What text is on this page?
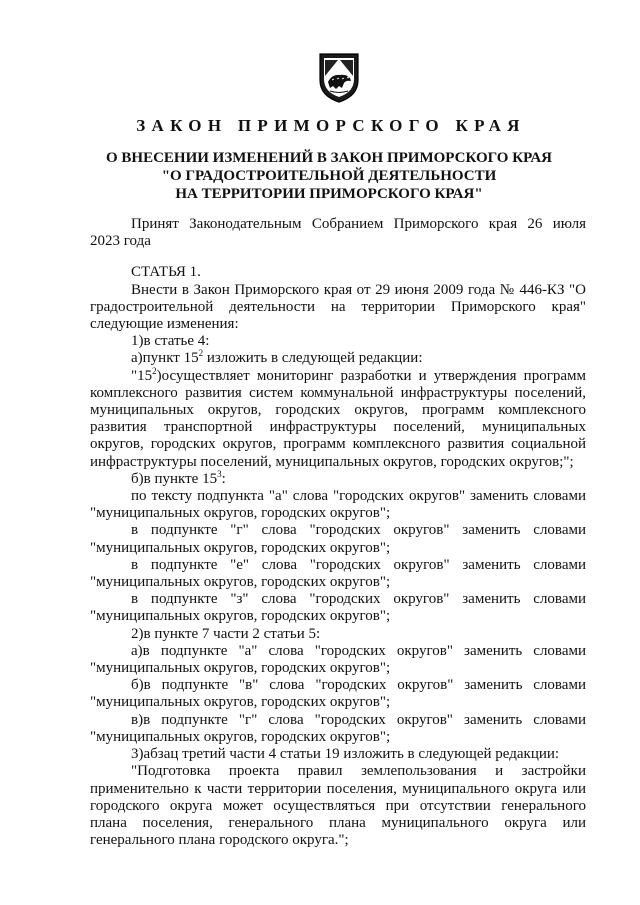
ЗАКОН ПРИМОРСКОГО КРАЯ
О ВНЕСЕНИИ ИЗМЕНЕНИЙ В ЗАКОН ПРИМОРСКОГО КРАЯ
"О ГРАДОСТРОИТЕЛЬНОЙ ДЕЯТЕЛЬНОСТИ
НА ТЕРРИТОРИИ ПРИМОРСКОГО КРАЯ"
Принят Законодательным Собранием Приморского края 26 июля
2023 года
СТАТЬЯ 1.
Внести в Закон Приморского края от 29 июня 2009 года № 446-КЗ "О градостроительной деятельности на территории Приморского края" следующие изменения:
1)в статье 4:
а)пункт $15^2$ изложить в следующей редакции:
"$15^2)осуществляет$ мониторинг разработки и утверждения программ комплексного развития систем коммунальной инфраструктуры поселений, муниципальных округов, городских округов, программ комплексного развития транспортной инфраструктуры поселений, муниципальных округов, городских округов, программ комплексного развития социальной инфраструктуры поселений, муниципальных округов, городских округов;";
б)в пункте $15^3$:
по тексту подпункта "а" слова "городских округов" заменить словами "муниципальных округов, городских округов";
в подпункте "г" слова "городских округов" заменить словами "муниципальных округов, городских округов";
в подпункте "е" слова "городских округов" заменить словами "муниципальных округов, городских округов";
в подпункте "з" слова "городских округов" заменить словами "муниципальных округов, городских округов";
2)в пункте 7 части 2 статьи 5:
а)в подпункте "а" слова "городских округов" заменить словами "муниципальных округов, городских округов";
б)в подпункте "в" слова "городских округов" заменить словами "муниципальных округов, городских округов";
в)в подпункте "г" слова "городских округов" заменить словами "муниципальных округов, городских округов";
3)абзац третий части 4 статьи 19 изложить в следующей редакции:
"Подготовка проекта правил землепользования и застройки применительно к части территории поселения, муниципального округа или городского округа может осуществляться при отсутствии генерального плана поселения, генерального плана муниципального округа или генерального плана городского округа.";
